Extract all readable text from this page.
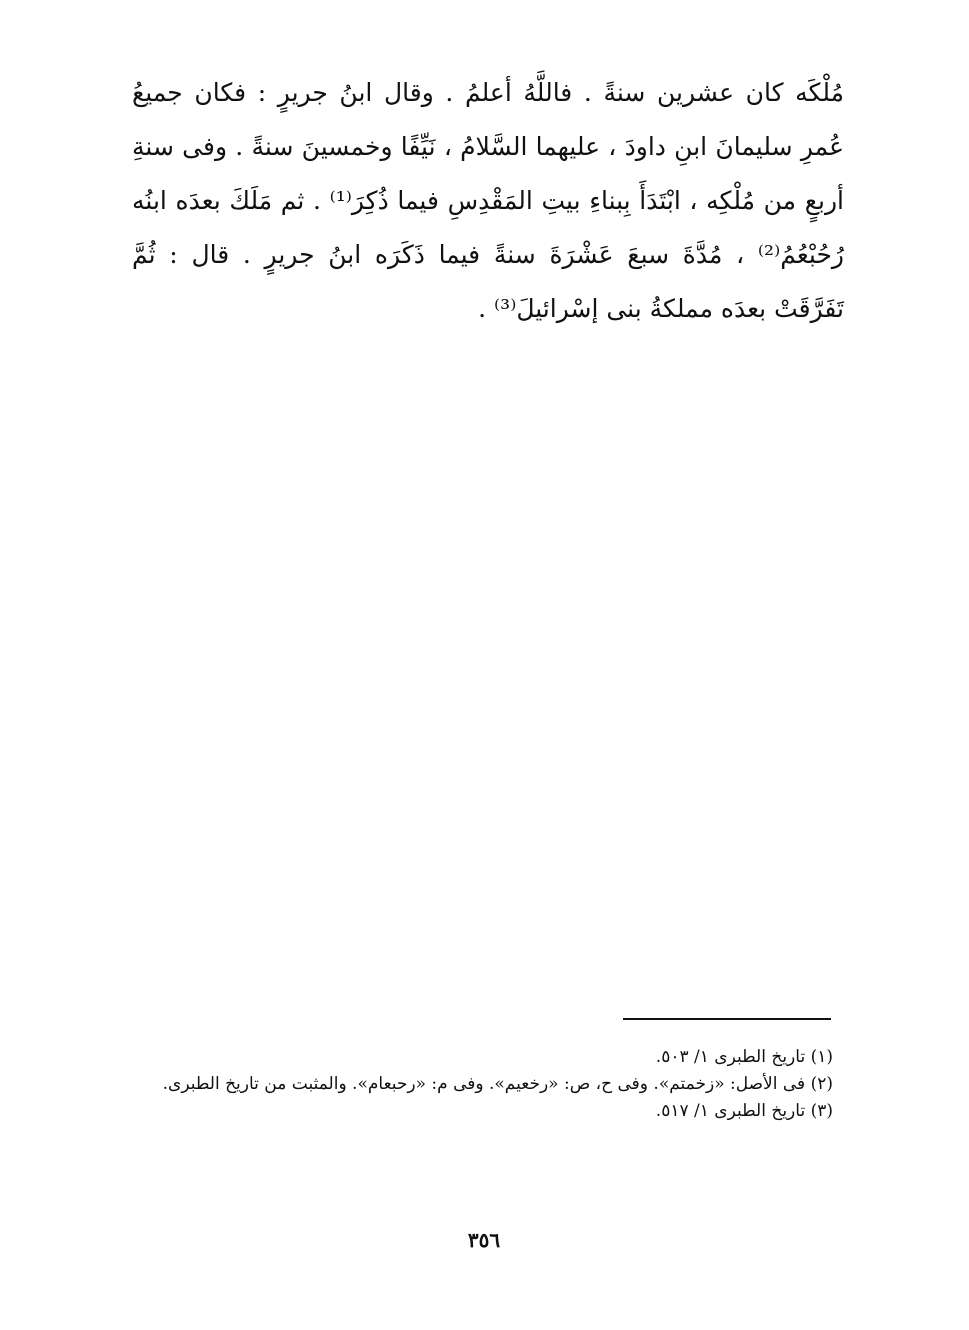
مُلْكَه كان عشرين سنةً . فاللَّهُ أعلمُ . وقال ابنُ جريرٍ : فكان جميعُ عُمرِ سليمانَ ابنِ داودَ ، عليهما السَّلامُ ، نَيِّفًا وخمسينَ سنةً . وفى سنةِ أربعٍ من مُلْكِه ، ابْتَدَأَ بِبناءِ بيتِ المَقْدِسِ فيما ذُكِرَ⁽¹⁾ . ثم مَلَكَ بعدَه ابنُه رُحُبْعُمُ⁽²⁾ ، مُدَّةَ سبعَ عَشْرَةَ سنةً فيما ذَكَرَه ابنُ جريرٍ . قال : ثُمَّ تَفَرَّقَتْ بعدَه مملكةُ بنى إسْرائيلَ⁽³⁾ .

(١) تاريخ الطبرى ١/ ٥٠٣.

(٢) فى الأصل: «زخمتم». وفى ح، ص: «رخعيم». وفى م: «رحبعام». والمثبت من تاريخ الطبرى.

(٣) تاريخ الطبرى ١/ ٥١٧.

٣٥٦
